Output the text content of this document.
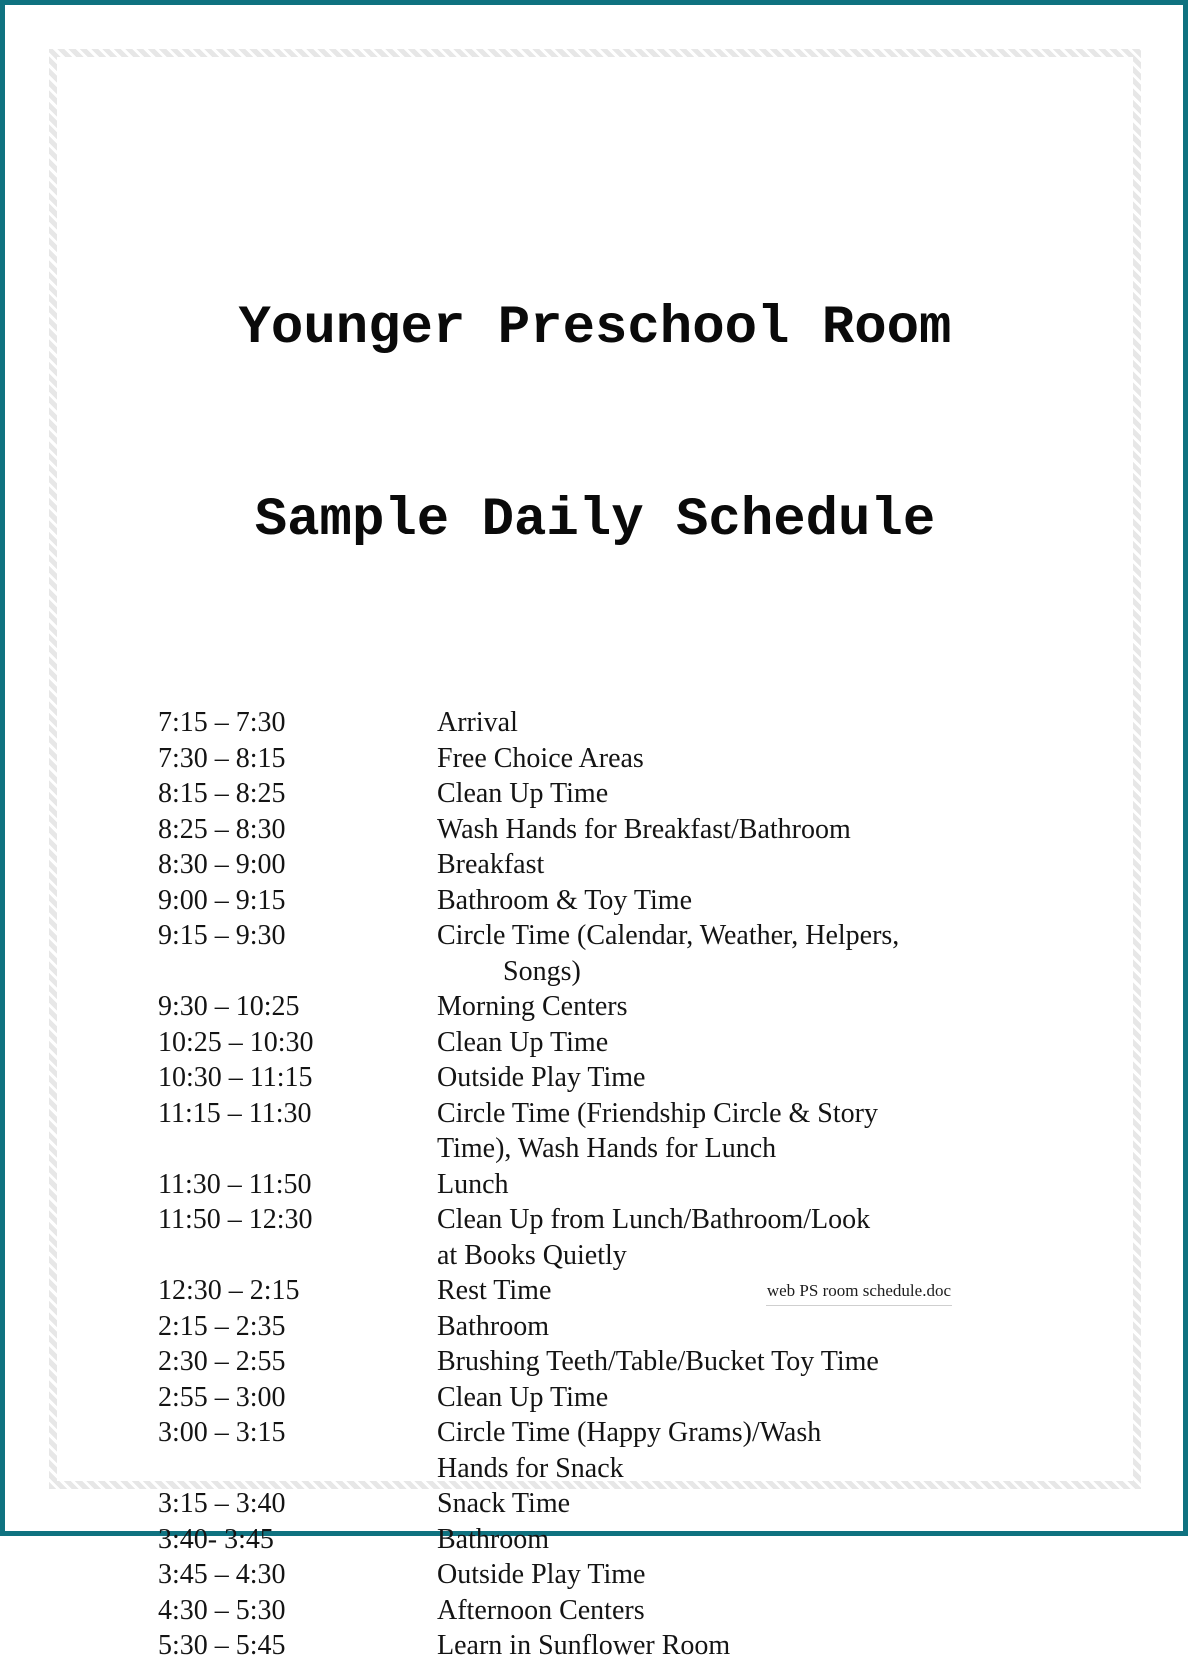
Younger Preschool Room

Sample Daily Schedule

7:15 – 7:30	Arrival
7:30 – 8:15	Free Choice Areas
8:15 – 8:25	Clean Up Time
8:25 – 8:30	Wash Hands for Breakfast/Bathroom
8:30 – 9:00	Breakfast
9:00 – 9:15	Bathroom & Toy Time
9:15 – 9:30	Circle Time (Calendar, Weather, Helpers,
Songs)
9:30 – 10:25	Morning Centers
10:25 – 10:30	Clean Up Time
10:30 – 11:15	Outside Play Time
11:15 – 11:30	Circle Time (Friendship Circle & Story
Time), Wash Hands for Lunch
11:30 – 11:50	Lunch
11:50 – 12:30	Clean Up from Lunch/Bathroom/Look
at Books Quietly
12:30 – 2:15	Rest Time
2:15 – 2:35	Bathroom
2:30 – 2:55	Brushing Teeth/Table/Bucket Toy Time
2:55 – 3:00	Clean Up Time
3:00 – 3:15	Circle Time (Happy Grams)/Wash
Hands for Snack
3:15 – 3:40	Snack Time
3:40- 3:45	Bathroom
3:45 – 4:30	Outside Play Time
4:30 – 5:30	Afternoon Centers
5:30 – 5:45	Learn in Sunflower Room
web PS room schedule.doc
